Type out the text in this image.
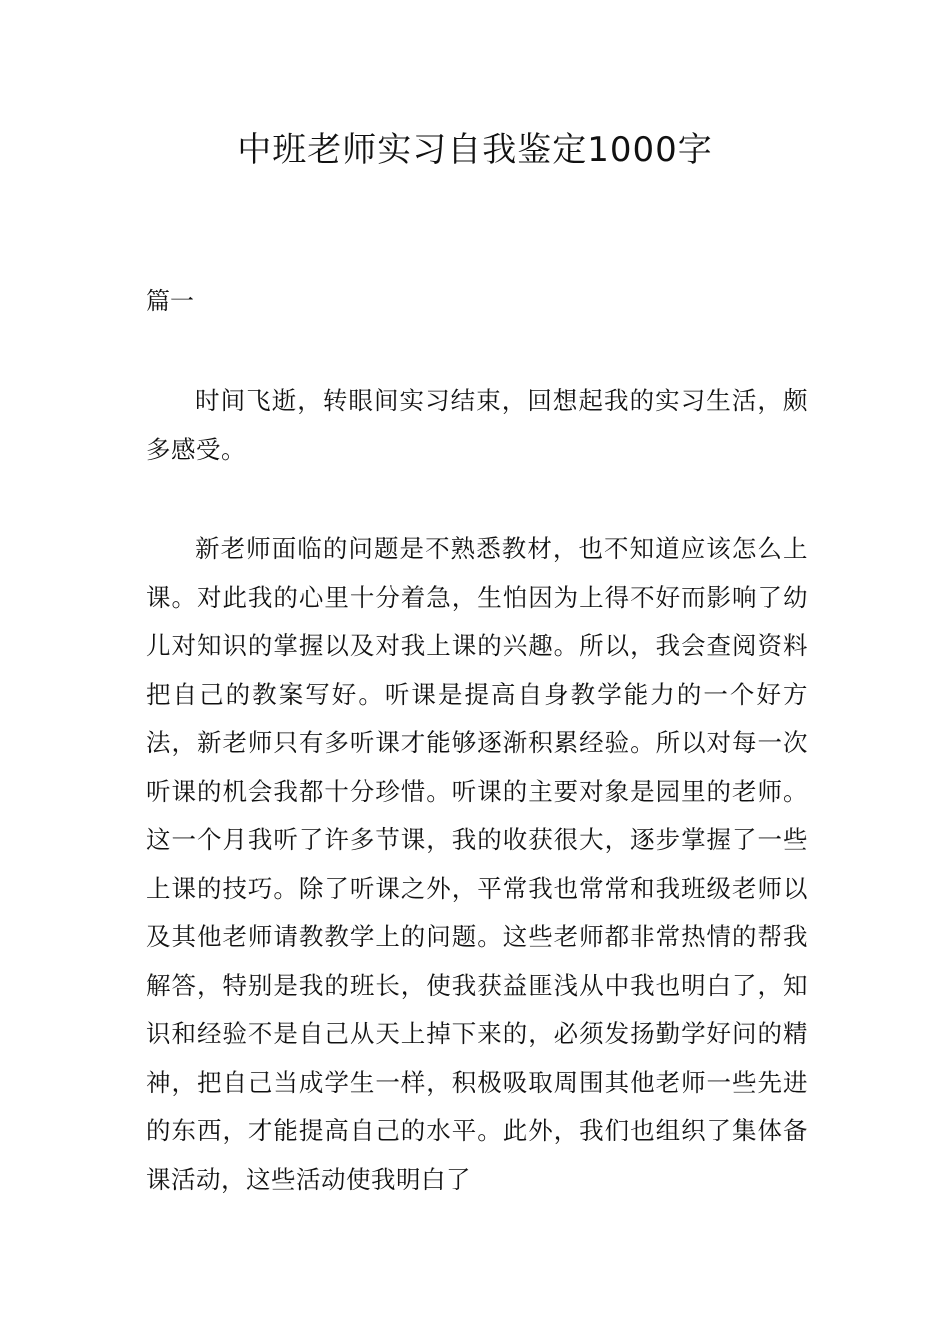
中班老师实习自我鉴定1000字

篇一

时间飞逝，转眼间实习结束，回想起我的实习生活，颇多感受。

新老师面临的问题是不熟悉教材，也不知道应该怎么上课。对此我的心里十分着急，生怕因为上得不好而影响了幼儿对知识的掌握以及对我上课的兴趣。所以，我会查阅资料把自己的教案写好。听课是提高自身教学能力的一个好方法，新老师只有多听课才能够逐渐积累经验。所以对每一次听课的机会我都十分珍惜。听课的主要对象是园里的老师。这一个月我听了许多节课，我的收获很大，逐步掌握了一些上课的技巧。除了听课之外，平常我也常常和我班级老师以及其他老师请教教学上的问题。这些老师都非常热情的帮我解答，特别是我的班长，使我获益匪浅从中我也明白了，知识和经验不是自己从天上掉下来的，必须发扬勤学好问的精神，把自己当成学生一样，积极吸取周围其他老师一些先进的东西，才能提高自己的水平。此外，我们也组织了集体备课活动，这些活动使我明白了
